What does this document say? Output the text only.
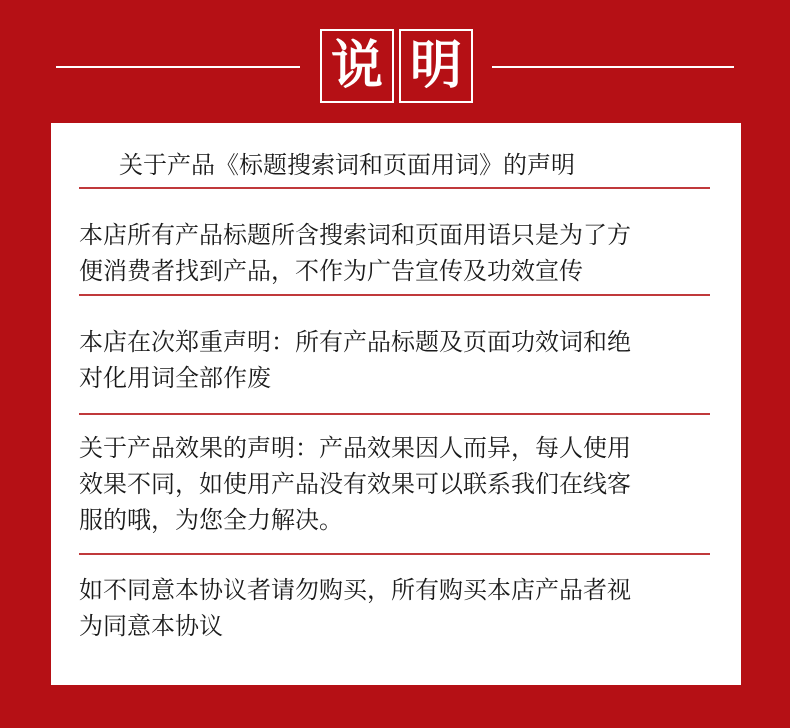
说 明
关于产品《标题搜索词和页面用词》的声明
本店所有产品标题所含搜索词和页面用语只是为了方
便消费者找到产品，不作为广告宣传及功效宣传
本店在次郑重声明：所有产品标题及页面功效词和绝
对化用词全部作废
关于产品效果的声明：产品效果因人而异，每人使用
效果不同，如使用产品没有效果可以联系我们在线客
服的哦，为您全力解决。
如不同意本协议者请勿购买，所有购买本店产品者视
为同意本协议
